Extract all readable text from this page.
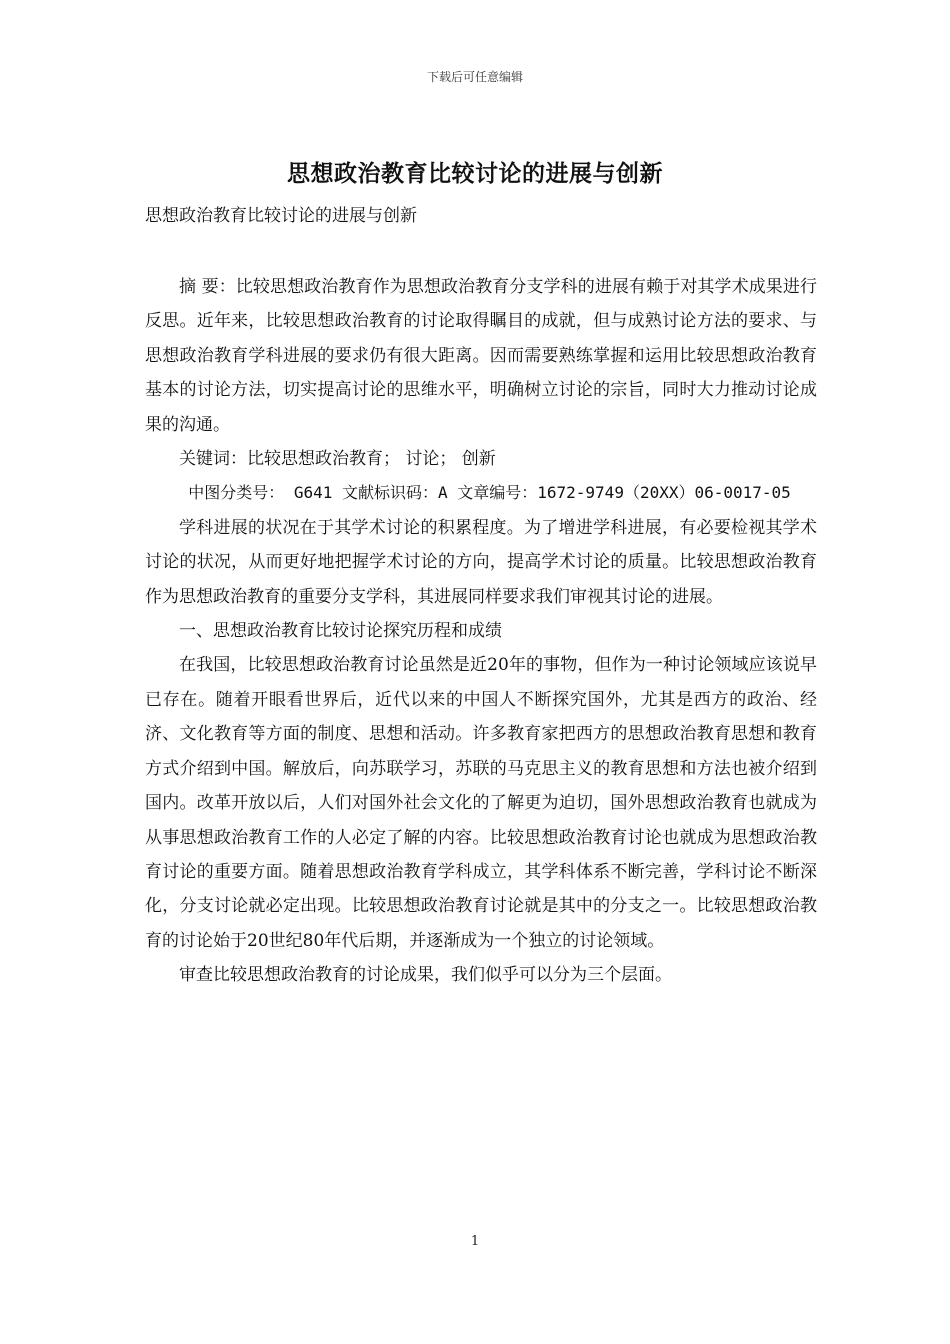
下载后可任意编辑
思想政治教育比较讨论的进展与创新

思想政治教育比较讨论的进展与创新

摘 要：比较思想政治教育作为思想政治教育分支学科的进展有赖于对其学术成果进行反思。近年来，比较思想政治教育的讨论取得瞩目的成就，但与成熟讨论方法的要求、与思想政治教育学科进展的要求仍有很大距离。因而需要熟练掌握和运用比较思想政治教育基本的讨论方法，切实提高讨论的思维水平，明确树立讨论的宗旨，同时大力推动讨论成果的沟通。

关键词：比较思想政治教育； 讨论； 创新

中图分类号： G641 文献标识码：A 文章编号：1672-9749（20XX）06-0017-05

学科进展的状况在于其学术讨论的积累程度。为了增进学科进展，有必要检视其学术讨论的状况，从而更好地把握学术讨论的方向，提高学术讨论的质量。比较思想政治教育作为思想政治教育的重要分支学科，其进展同样要求我们审视其讨论的进展。

一、思想政治教育比较讨论探究历程和成绩

在我国，比较思想政治教育讨论虽然是近20年的事物，但作为一种讨论领域应该说早已存在。随着开眼看世界后，近代以来的中国人不断探究国外，尤其是西方的政治、经济、文化教育等方面的制度、思想和活动。许多教育家把西方的思想政治教育思想和教育方式介绍到中国。解放后，向苏联学习，苏联的马克思主义的教育思想和方法也被介绍到国内。改革开放以后，人们对国外社会文化的了解更为迫切，国外思想政治教育也就成为从事思想政治教育工作的人必定了解的内容。比较思想政治教育讨论也就成为思想政治教育讨论的重要方面。随着思想政治教育学科成立，其学科体系不断完善，学科讨论不断深化，分支讨论就必定出现。比较思想政治教育讨论就是其中的分支之一。比较思想政治教育的讨论始于20世纪80年代后期，并逐渐成为一个独立的讨论领域。

审查比较思想政治教育的讨论成果，我们似乎可以分为三个层面。

1
